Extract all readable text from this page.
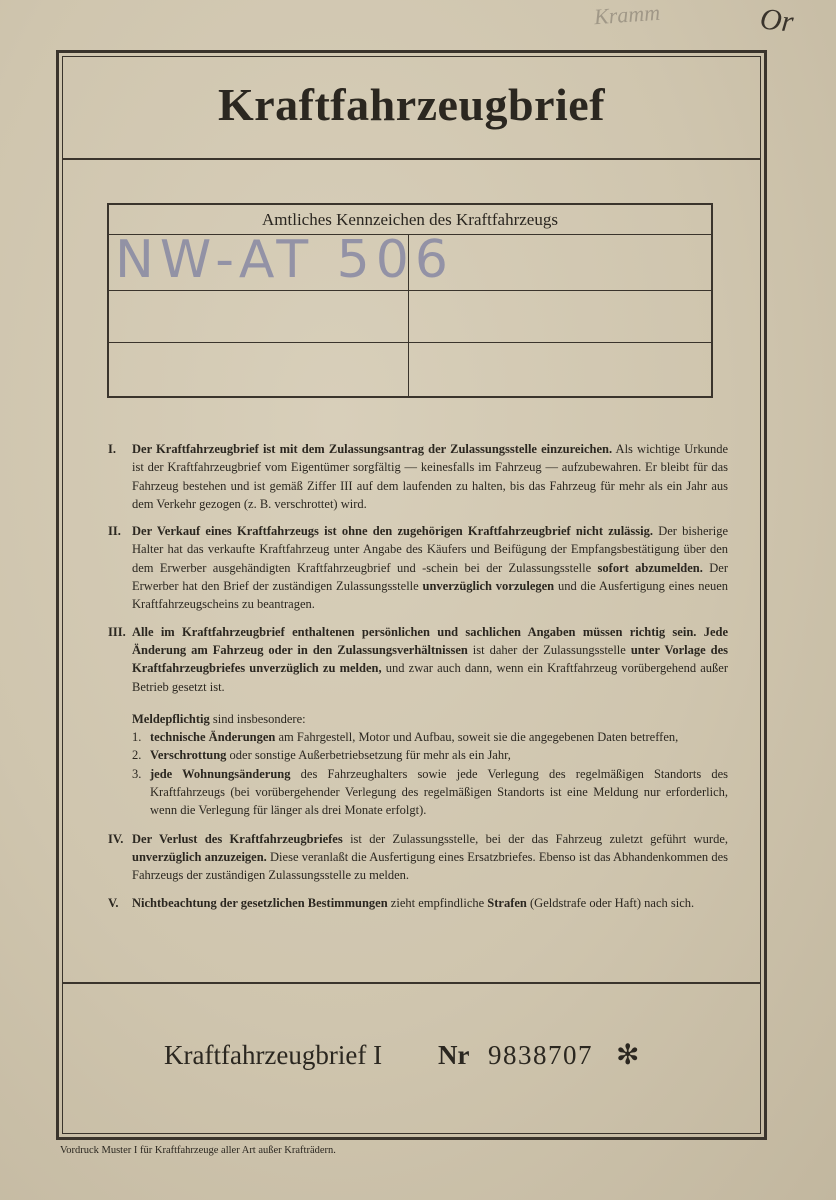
Kramm	Or
Kraftfahrzeugbrief
Amtliches Kennzeichen des Kraftfahrzeugs
NW-AT 506
I. Der Kraftfahrzeugbrief ist mit dem Zulassungsantrag der Zulassungsstelle einzureichen. Als wichtige Urkunde ist der Kraftfahrzeugbrief vom Eigentümer sorgfältig — keinesfalls im Fahrzeug — aufzubewahren. Er bleibt für das Fahrzeug bestehen und ist gemäß Ziffer III auf dem laufenden zu halten, bis das Fahrzeug für mehr als ein Jahr aus dem Verkehr gezogen (z. B. verschrottet) wird.

II. Der Verkauf eines Kraftfahrzeugs ist ohne den zugehörigen Kraftfahrzeugbrief nicht zulässig. Der bisherige Halter hat das verkaufte Kraftfahrzeug unter Angabe des Käufers und Beifügung der Empfangsbestätigung über den dem Erwerber ausgehändigten Kraftfahrzeugbrief und -schein bei der Zulassungsstelle sofort abzumelden. Der Erwerber hat den Brief der zuständigen Zulassungsstelle unverzüglich vorzulegen und die Ausfertigung eines neuen Kraftfahrzeugscheins zu beantragen.

III. Alle im Kraftfahrzeugbrief enthaltenen persönlichen und sachlichen Angaben müssen richtig sein. Jede Änderung am Fahrzeug oder in den Zulassungsverhältnissen ist daher der Zulassungsstelle unter Vorlage des Kraftfahrzeugbriefes unverzüglich zu melden, und zwar auch dann, wenn ein Kraftfahrzeug vorübergehend außer Betrieb gesetzt ist.

Meldepflichtig sind insbesondere:
1. technische Änderungen am Fahrgestell, Motor und Aufbau, soweit sie die angegebenen Daten betreffen,
2. Verschrottung oder sonstige Außerbetriebsetzung für mehr als ein Jahr,
3. jede Wohnungsänderung des Fahrzeughalters sowie jede Verlegung des regelmäßigen Standorts des Kraftfahrzeugs (bei vorübergehender Verlegung des regelmäßigen Standorts ist eine Meldung nur erforderlich, wenn die Verlegung für länger als drei Monate erfolgt).
IV. Der Verlust des Kraftfahrzeugbriefes ist der Zulassungsstelle, bei der das Fahrzeug zuletzt geführt wurde, unverzüglich anzuzeigen. Diese veranlaßt die Ausfertigung eines Ersatzbriefes. Ebenso ist das Abhandenkommen des Fahrzeugs der zuständigen Zulassungsstelle zu melden.

V. Nichtbeachtung der gesetzlichen Bestimmungen zieht empfindliche Strafen (Geldstrafe oder Haft) nach sich.

Kraftfahrzeugbrief I Nr 9838707 ✻
Vordruck Muster I für Kraftfahrzeuge aller Art außer Krafträdern.
